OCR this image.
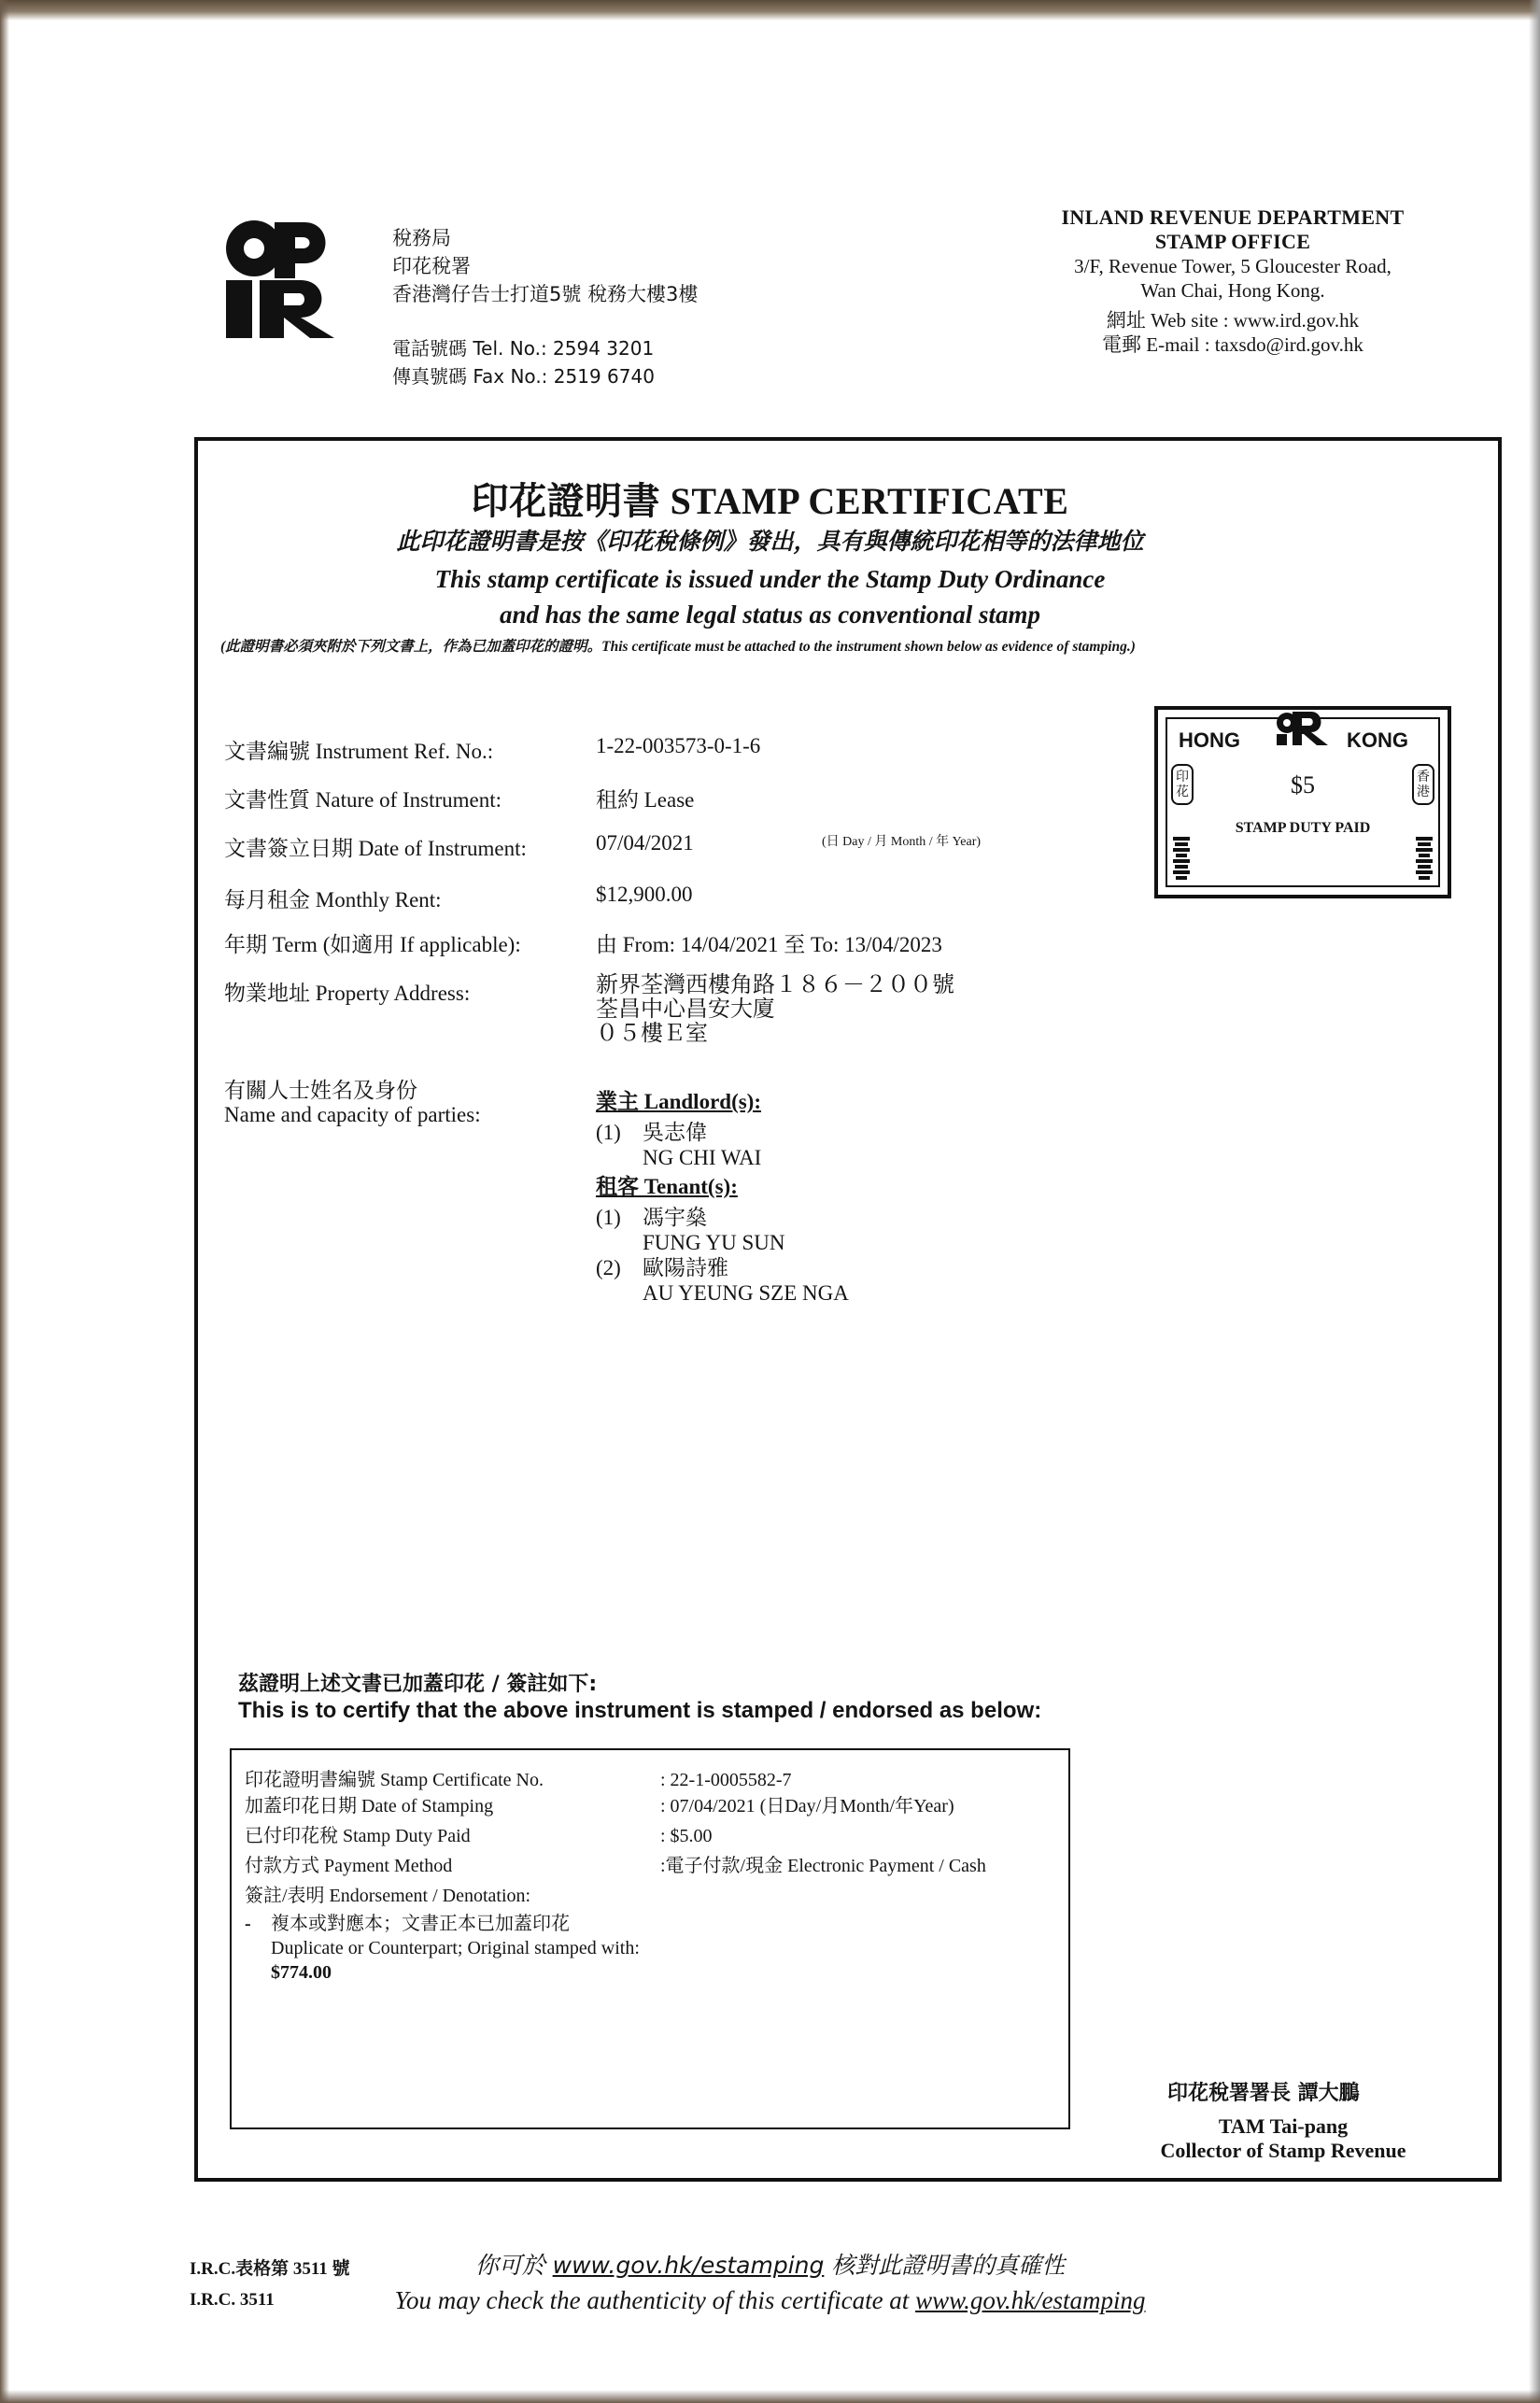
稅務局
印花稅署
香港灣仔告士打道5號 稅務大樓3樓
電話號碼 Tel. No.: 2594 3201
傳真號碼 Fax No.: 2519 6740
INLAND REVENUE DEPARTMENT
STAMP OFFICE
3/F, Revenue Tower, 5 Gloucester Road,
Wan Chai, Hong Kong.
網址 Web site : www.ird.gov.hk
電郵 E-mail : taxsdo@ird.gov.hk
印花證明書 STAMP CERTIFICATE
此印花證明書是按《印花稅條例》發出，具有與傳統印花相等的法律地位
This stamp certificate is issued under the Stamp Duty Ordinance
and has the same legal status as conventional stamp
(此證明書必須夾附於下列文書上，作為已加蓋印花的證明。This certificate must be attached to the instrument shown below as evidence of stamping.)
文書編號 Instrument Ref. No.:	1-22-003573-0-1-6
文書性質 Nature of Instrument:	租約 Lease
文書簽立日期 Date of Instrument:	07/04/2021	(日 Day / 月 Month / 年 Year)
每月租金 Monthly Rent:	$12,900.00
年期 Term (如適用 If applicable):	由 From: 14/04/2021 至 To: 13/04/2023
物業地址 Property Address:	新界荃灣西樓角路１８６－２００號
荃昌中心昌安大廈
０５樓Ｅ室
有關人士姓名及身份
Name and capacity of parties:
業主 Landlord(s):
(1)	吳志偉
NG CHI WAI
租客 Tenant(s):
(1)	馮宇燊
FUNG YU SUN
(2)	歐陽詩雅
AU YEUNG SZE NGA
HONG	KONG
$5
STAMP DUTY PAID
印花
香港
茲證明上述文書已加蓋印花 / 簽註如下:
This is to certify that the above instrument is stamped / endorsed as below:
印花證明書編號 Stamp Certificate No.	: 22-1-0005582-7
加蓋印花日期 Date of Stamping	: 07/04/2021 (日Day/月Month/年Year)
已付印花稅 Stamp Duty Paid	: $5.00
付款方式 Payment Method	:電子付款/現金 Electronic Payment / Cash
簽註/表明 Endorsement / Denotation:
- 複本或對應本；文書正本已加蓋印花
Duplicate or Counterpart; Original stamped with:
$774.00
印花稅署署長 譚大鵬
TAM Tai-pang
Collector of Stamp Revenue
I.R.C.表格第 3511 號
I.R.C. 3511
你可於 www.gov.hk/estamping 核對此證明書的真確性
You may check the authenticity of this certificate at www.gov.hk/estamping
